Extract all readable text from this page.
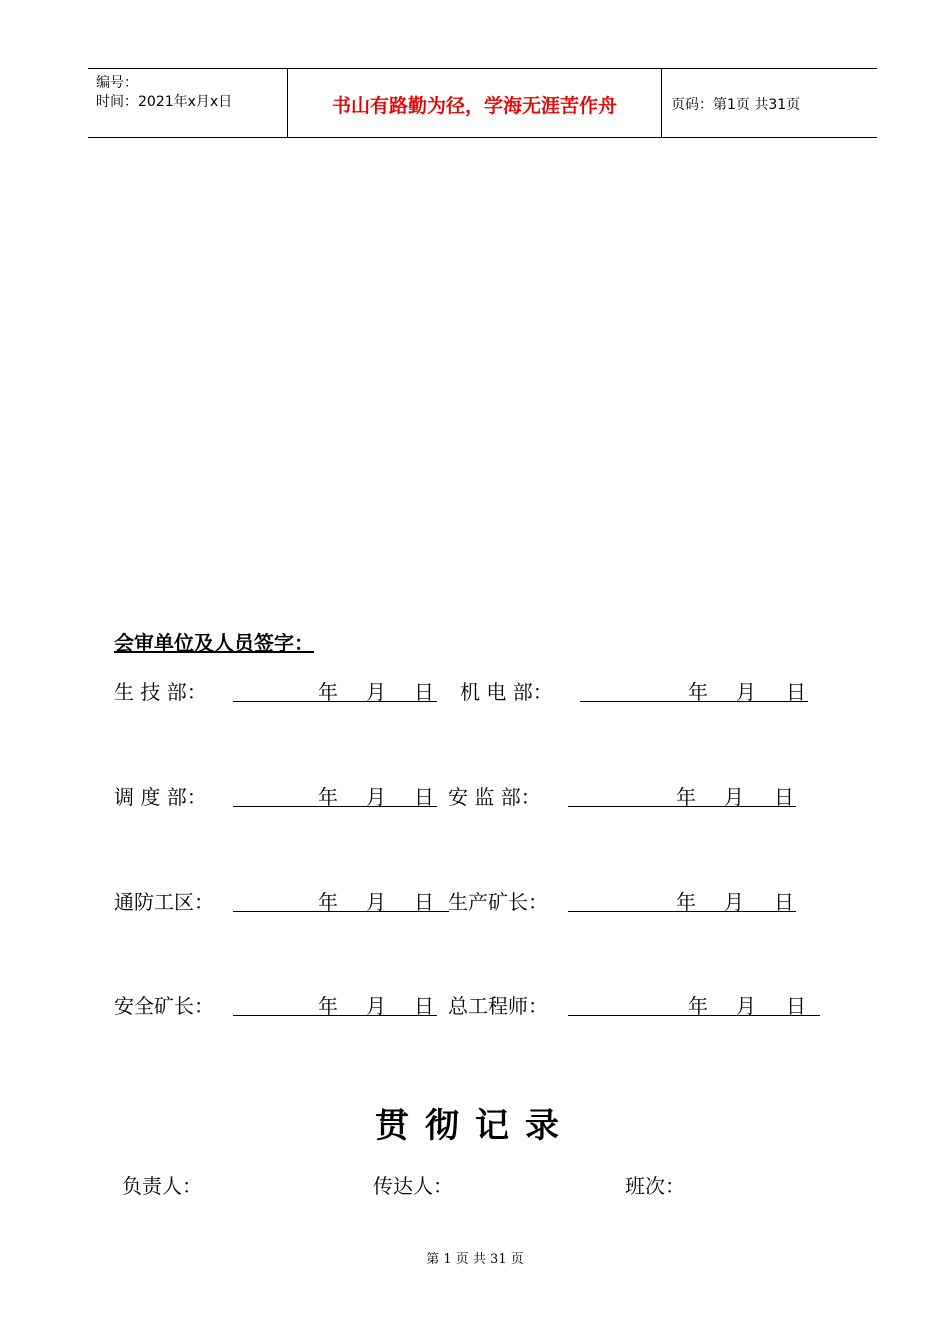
编号：
时间：2021年x月x日	书山有路勤为径，学海无涯苦作舟	页码：第1页 共31页
会审单位及人员签字：
生 技 部：	年 月 日 机 电 部：	年 月 日
调 度 部：	年 月 日 安 监 部：	年 月 日
通防工区：	年 月 日 生产矿长：	年 月 日
安全矿长：	年 月 日 总工程师：	年 月 日
贯彻记录
负责人：	传达人：	班次：
第 1 页 共 31 页
